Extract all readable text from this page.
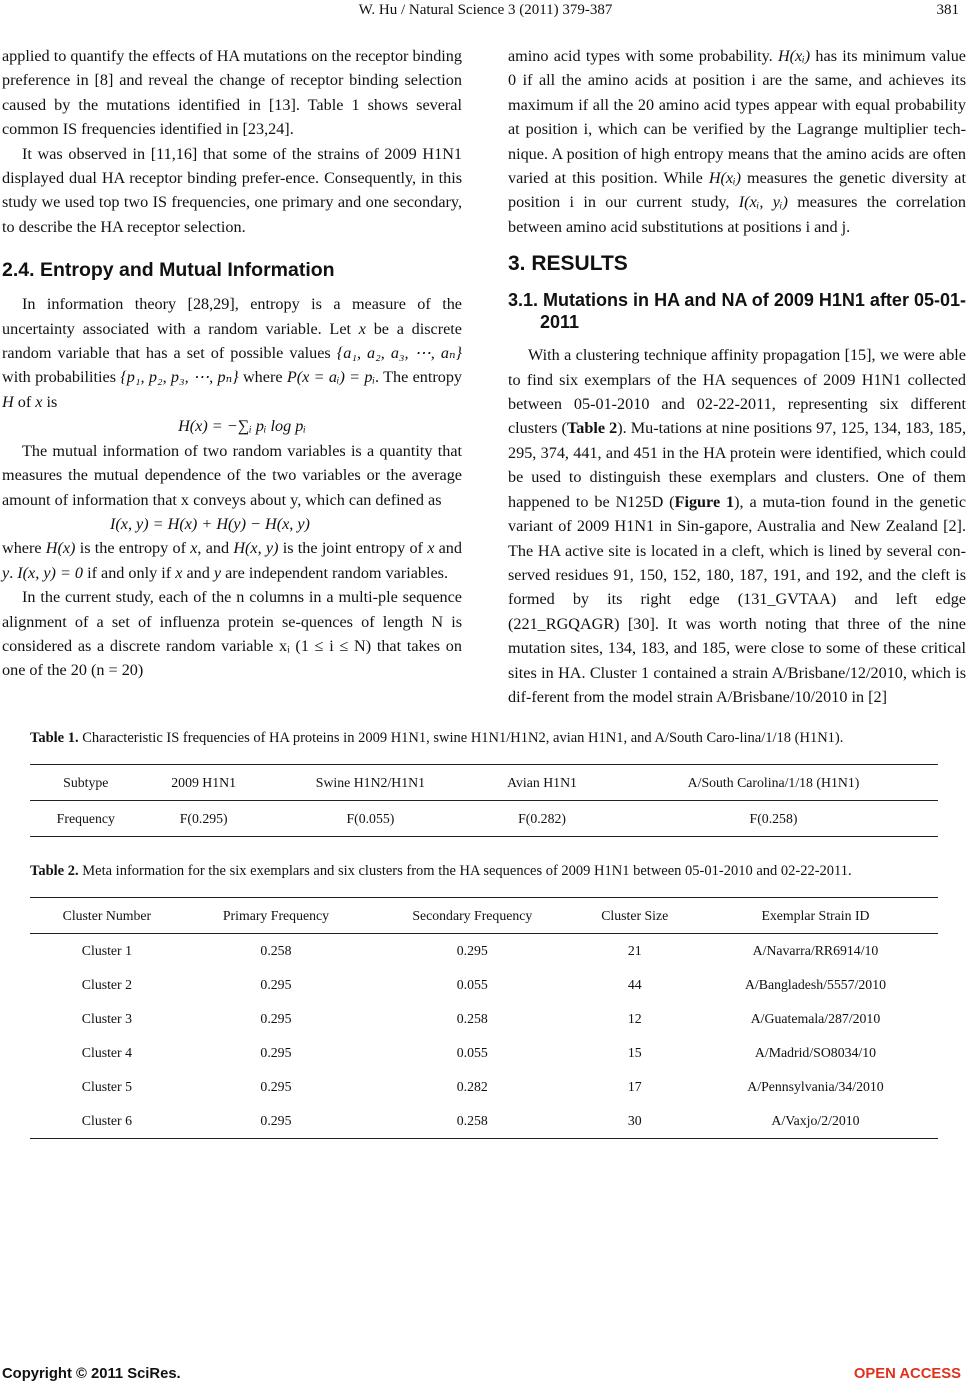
W. Hu / Natural Science 3 (2011) 379-387	381

applied to quantify the effects of HA mutations on the receptor binding preference in [8] and reveal the change of receptor binding selection caused by the mutations identified in [13]. Table 1 shows several common IS frequencies identified in [23,24].

It was observed in [11,16] that some of the strains of 2009 H1N1 displayed dual HA receptor binding prefer-ence. Consequently, in this study we used top two IS frequencies, one primary and one secondary, to describe the HA receptor selection.

2.4. Entropy and Mutual Information

In information theory [28,29], entropy is a measure of the uncertainty associated with a random variable. Let x be a discrete random variable that has a set of possible values {a₁, a₂, a₃, ⋯, aₙ} with probabilities {p₁, p₂, p₃, ⋯, pₙ} where P(x = aᵢ) = pᵢ. The entropy H of x is

H(x) = −∑ᵢ pᵢ log pᵢ

The mutual information of two random variables is a quantity that measures the mutual dependence of the two variables or the average amount of information that x conveys about y, which can defined as

I(x, y) = H(x) + H(y) − H(x, y)

where H(x) is the entropy of x, and H(x, y) is the joint entropy of x and y. I(x, y) = 0 if and only if x and y are independent random variables.

In the current study, each of the n columns in a multi-ple sequence alignment of a set of influenza protein se-quences of length N is considered as a discrete random variable xᵢ (1 ≤ i ≤ N) that takes on one of the 20 (n = 20)

amino acid types with some probability. H(xᵢ) has its minimum value 0 if all the amino acids at position i are the same, and achieves its maximum if all the 20 amino acid types appear with equal probability at position i, which can be verified by the Lagrange multiplier tech-nique. A position of high entropy means that the amino acids are often varied at this position. While H(xᵢ) measures the genetic diversity at position i in our current study, I(xᵢ, yᵢ) measures the correlation between amino acid substitutions at positions i and j.

3. RESULTS
3.1. Mutations in HA and NA of 2009 H1N1 after 05-01-2011

With a clustering technique affinity propagation [15], we were able to find six exemplars of the HA sequences of 2009 H1N1 collected between 05-01-2010 and 02-22-2011, representing six different clusters (Table 2). Mu-tations at nine positions 97, 125, 134, 183, 185, 295, 374, 441, and 451 in the HA protein were identified, which could be used to distinguish these exemplars and clusters. One of them happened to be N125D (Figure 1), a muta-tion found in the genetic variant of 2009 H1N1 in Sin-gapore, Australia and New Zealand [2]. The HA active site is located in a cleft, which is lined by several con-served residues 91, 150, 152, 180, 187, 191, and 192, and the cleft is formed by its right edge (131_GVTAA) and left edge (221_RGQAGR) [30]. It was worth noting that three of the nine mutation sites, 134, 183, and 185, were close to some of these critical sites in HA. Cluster 1 contained a strain A/Brisbane/12/2010, which is dif-ferent from the model strain A/Brisbane/10/2010 in [2]

Table 1. Characteristic IS frequencies of HA proteins in 2009 H1N1, swine H1N1/H1N2, avian H1N1, and A/South Caro-lina/1/18 (H1N1).

Subtype	2009 H1N1	Swine H1N2/H1N1	Avian H1N1	A/South Carolina/1/18 (H1N1)
Frequency	F(0.295)	F(0.055)	F(0.282)	F(0.258)

Table 2. Meta information for the six exemplars and six clusters from the HA sequences of 2009 H1N1 between 05-01-2010 and 02-22-2011.

Cluster Number	Primary Frequency	Secondary Frequency	Cluster Size	Exemplar Strain ID
Cluster 1	0.258	0.295	21	A/Navarra/RR6914/10
Cluster 2	0.295	0.055	44	A/Bangladesh/5557/2010
Cluster 3	0.295	0.258	12	A/Guatemala/287/2010
Cluster 4	0.295	0.055	15	A/Madrid/SO8034/10
Cluster 5	0.295	0.282	17	A/Pennsylvania/34/2010
Cluster 6	0.295	0.258	30	A/Vaxjo/2/2010
Copyright © 2011 SciRes.	OPEN ACCESS
